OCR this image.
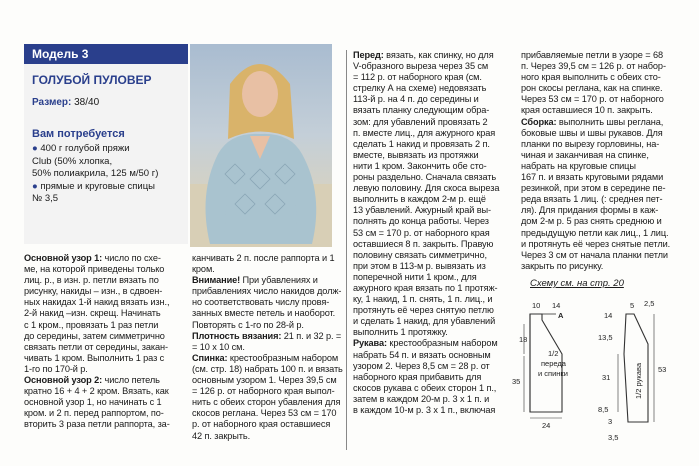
Модель 3
ГОЛУБОЙ ПУЛОВЕР
Размер: 38/40
Вам потребуется
● 400 г голубой пряжи
Club (50% хлопка,
50% полиакрила, 125 м/50 г)
● прямые и круговые спицы
№ 3,5
Основной узор 1: число по схе-
ме, на которой приведены только
лиц. р., в изн. р. петли вязать по
рисунку, накиды – изн., в сдвоен-
ных накидах 1-й накид вязать изн.,
2-й накид –изн. скрещ. Начинать
с 1 кром., провязать 1 раз петли
до середины, затем симметрично
связать петли от середины, закан-
чивать 1 кром. Выполнить 1 раз с
1-го по 170-й р.
Основной узор 2: число петель
кратно 16 + 4 + 2 кром. Вязать, как
основной узор 1, но начинать с 1
кром. и 2 п. перед раппортом, по-
вторить 3 раза петли раппорта, за-
канчивать 2 п. после раппорта и 1
кром.
Внимание! При убавлениях и
прибавлениях число накидов долж-
но соответствовать числу провя-
занных вместе петель и наоборот.
Повторять с 1-го по 28-й р.
Плотность вязания: 21 п. и 32 р. =
= 10 х 10 см.
Спинка: крестообразным набором
(см. стр. 18) набрать 100 п. и вязать
основным узором 1. Через 39,5 см
= 126 р. от наборного края выпол-
нить с обеих сторон убавления для
скосов реглана. Через 53 см = 170
р. от наборного края оставшиеся
42 п. закрыть.
Перед: вязать, как спинку, но для
V-образного выреза через 35 см
= 112 р. от наборного края (см.
стрелку А на схеме) недовязать
113-й р. на 4 п. до середины и
вязать планку следующим обра-
зом: для убавлений провязать 2
п. вместе лиц., для ажурного края
сделать 1 накид и провязать 2 п.
вместе, вывязать из протяжки
нити 1 кром. Закончить обе сто-
роны раздельно. Сначала связать
левую половину. Для скоса выреза
выполнить в каждом 2-м р. ещё
13 убавлений. Ажурный край вы-
полнять до конца работы. Через
53 см = 170 р. от наборного края
оставшиеся 8 п. закрыть. Правую
половину связать симметрично,
при этом в 113-м р. вывязать из
поперечной нити 1 кром., для
ажурного края вязать по 1 протяж-
ку, 1 накид, 1 п. снять, 1 п. лиц., и
протянуть её через снятую петлю
и сделать 1 накид, для убавлений
выполнить 1 протяжку.
Рукава: крестообразным набором
набрать 54 п. и вязать основным
узором 2. Через 8,5 см = 28 р. от
наборного края прибавить для
скосов рукава с обеих сторон 1 п.,
затем в каждом 20-м р. 3 х 1 п. и
в каждом 10-м р. 3 х 1 п., включая
прибавляемые петли в узоре = 68
п. Через 39,5 см = 126 р. от набор-
ного края выполнить с обеих сто-
рон скосы реглана, как на спинке.
Через 53 см = 170 р. от наборного
края оставшиеся 10 п. закрыть.
Сборка: выполнить швы реглана,
боковые швы и швы рукавов. Для
планки по вырезу горловины, на-
чиная и заканчивая на спинке,
набрать на круговые спицы
167 п. и вязать круговыми рядами
резинкой, при этом в середине пе-
реда вязать 1 лиц. (: среднея пет-
ля). Для придания формы в каж-
дом 2-м р. 5 раз снять среднюю и
предыдущую петли как лиц., 1 лиц.
и протянуть её через снятые петли.
Через 3 см от начала планки петли
закрыть по рисунку.
Схему см. на стр. 20
10 14
18
35
24
1/2
переда
и спинки
А
2,5
5
14
13,5
31
53
8,5
3
3,5
1/2 рукава
